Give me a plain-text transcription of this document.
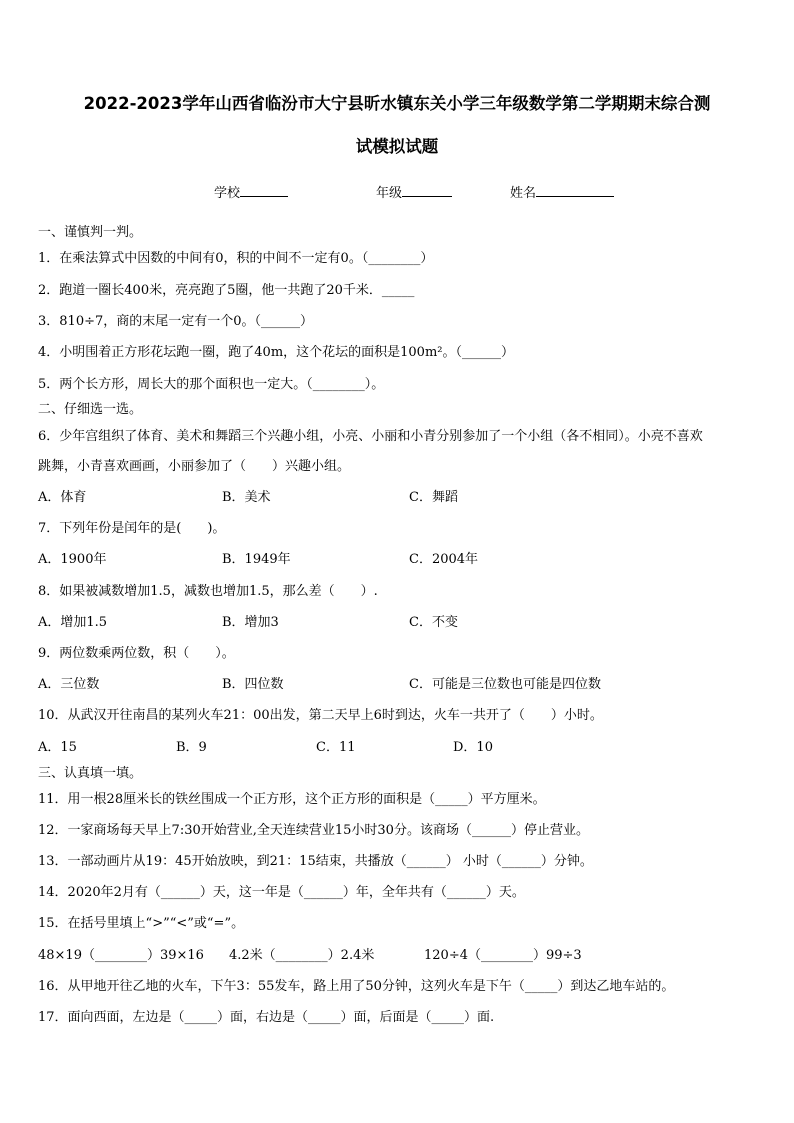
2022-2023学年山西省临汾市大宁县昕水镇东关小学三年级数学第二学期期末综合测
试模拟试题
学校	年级	姓名
一、谨慎判一判。
1．在乘法算式中因数的中间有0，积的中间不一定有0。（________）
2．跑道一圈长400米，亮亮跑了5圈，他一共跑了20千米．_____
3．810÷7，商的末尾一定有一个0。（______）
4．小明围着正方形花坛跑一圈，跑了40m，这个花坛的面积是100m²。（______）
5．两个长方形，周长大的那个面积也一定大。（________）。
二、仔细选一选。
6．少年宫组织了体育、美术和舞蹈三个兴趣小组，小亮、小丽和小青分别参加了一个小组（各不相同）。小亮不喜欢
跳舞，小青喜欢画画，小丽参加了（　　）兴趣小组。
A．体育	B．美术	C．舞蹈
7．下列年份是闰年的是(　　)。
A．1900年	B．1949年	C．2004年
8．如果被减数增加1.5，减数也增加1.5，那么差（　　）.
A．增加1.5	B．增加3	C．不变
9．两位数乘两位数，积（　　）。
A．三位数	B．四位数	C．可能是三位数也可能是四位数
10．从武汉开往南昌的某列火车21：00出发，第二天早上6时到达，火车一共开了（　　）小时。
A．15	B．9	C．11	D．10
三、认真填一填。
11．用一根28厘米长的铁丝围成一个正方形，这个正方形的面积是（_____）平方厘米。
12．一家商场每天早上7:30开始营业,全天连续营业15小时30分。该商场（______）停止营业。
13．一部动画片从19：45开始放映，到21：15结束，共播放（______） 小时（______）分钟。
14．2020年2月有（______）天，这一年是（______）年，全年共有（______）天。
15．在括号里填上“>”“<”或“=”。
48×19（________）39×16 4.2米（________）2.4米	120÷4（________）99÷3
16．从甲地开往乙地的火车，下午3：55发车，路上用了50分钟，这列火车是下午（_____）到达乙地车站的。
17．面向西面，左边是（_____）面，右边是（_____）面，后面是（_____）面.
